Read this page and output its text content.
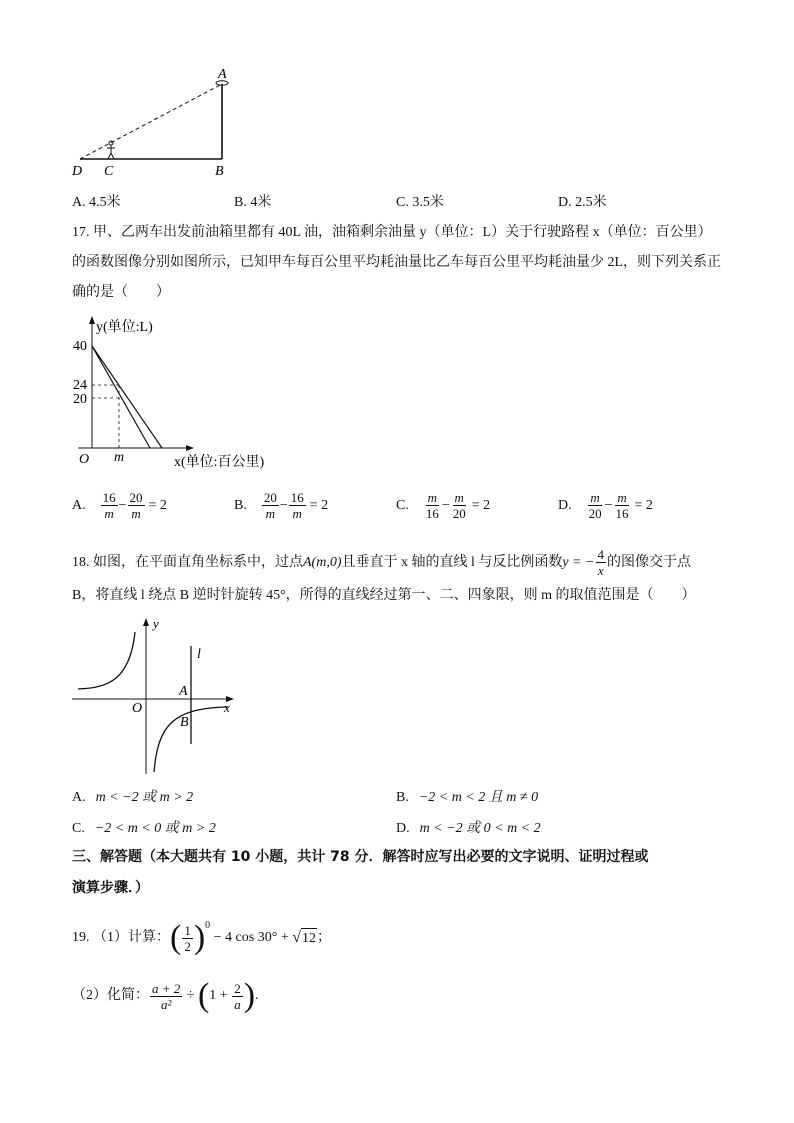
A
B
C
D
A. 4.5米	B. 4米	C. 3.5米	D. 2.5米
17. 甲、乙两车出发前油箱里都有 40L 油，油箱剩余油量 y（单位：L）关于行驶路程 x（单位：百公里）
的函数图像分别如图所示，已知甲车每百公里平均耗油量比乙车每百公里平均耗油量少 2L，则下列关系正
确的是（　　）
y(单位:L)
40
24
20
O m	x(单位:百公里)
A. $\frac{16}{m} - \frac{20}{m} = 2$	B. $\frac{20}{m} - \frac{16}{m} = 2$	C. $\frac{m}{16} - \frac{m}{20} = 2$	D. $\frac{m}{20} - \frac{m}{16} = 2$
18. 如图，在平面直角坐标系中，过点 A(m,0) 且垂直于 x 轴的直线 l 与反比例函数 y = − $\frac{4}{x}$ 的图像交于点
B，将直线 l 绕点 B 逆时针旋转 45°，所得的直线经过第一、二、四象限，则 m 的取值范围是（　　）
y
l
A
O	x
B
A. m < −2 或 m > 2	B. −2 < m < 2 且 m ≠ 0
C. −2 < m < 0 或 m > 2	D. m < −2 或 0 < m < 2
三、解答题（本大题共有 10 小题，共计 78 分．解答时应写出必要的文字说明、证明过程或
演算步骤．）
19. （1）计算： ( $\frac{1}{2} )^0$
− 4 cos 30° + √ 12 ；
（2）化简： $\frac{a + 2}{\text{a²}}$ ÷ ( $1 + \frac{2}{a}$ ) .
